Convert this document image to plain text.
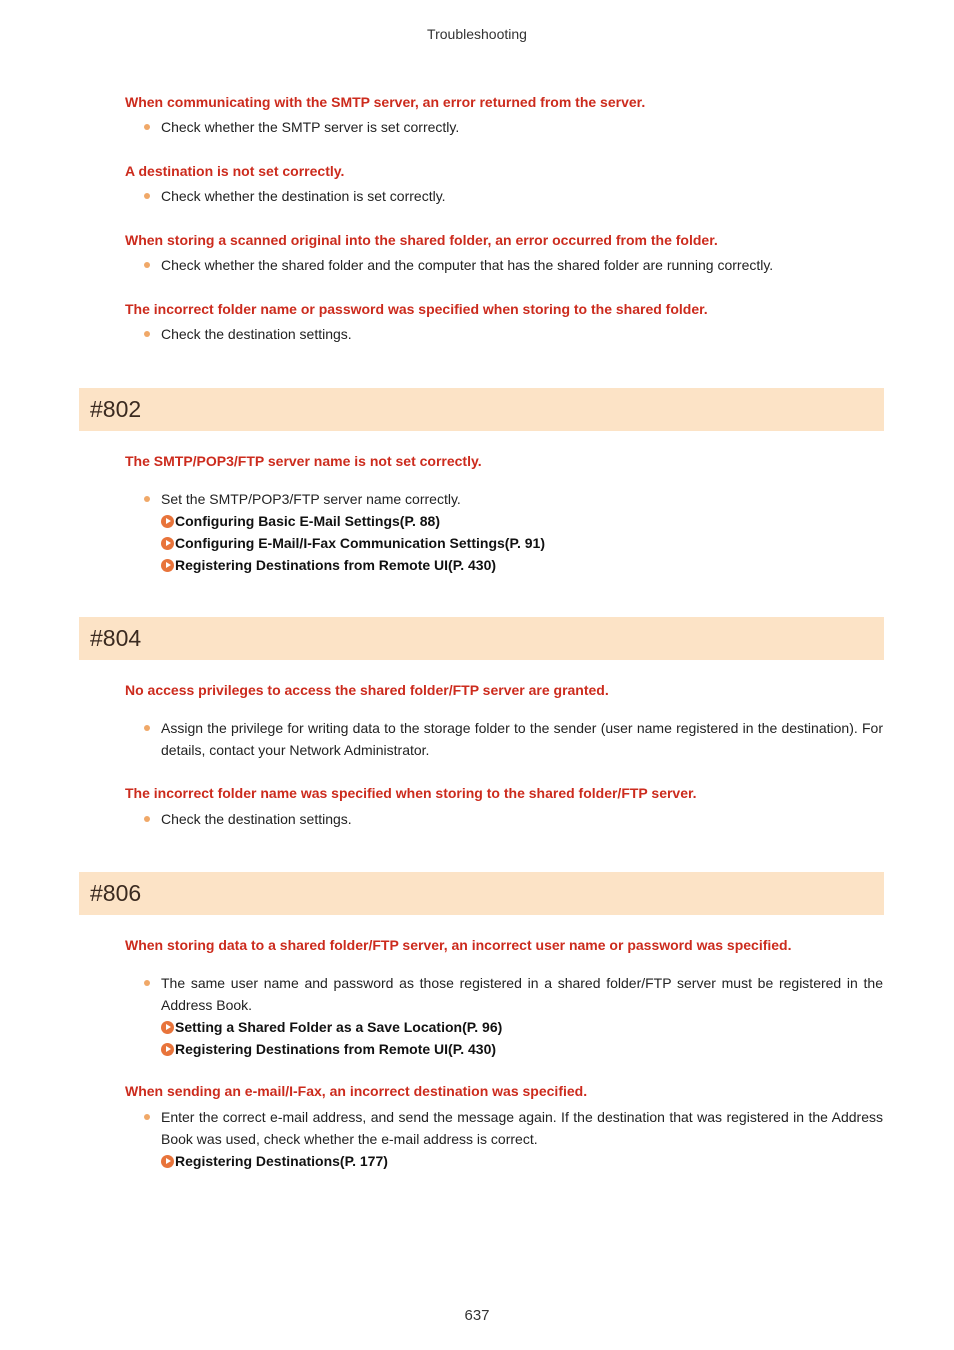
Troubleshooting
When communicating with the SMTP server, an error returned from the server.
Check whether the SMTP server is set correctly.
A destination is not set correctly.
Check whether the destination is set correctly.
When storing a scanned original into the shared folder, an error occurred from the folder.
Check whether the shared folder and the computer that has the shared folder are running correctly.
The incorrect folder name or password was specified when storing to the shared folder.
Check the destination settings.
#802
The SMTP/POP3/FTP server name is not set correctly.
Set the SMTP/POP3/FTP server name correctly.
Configuring Basic E-Mail Settings(P. 88)
Configuring E-Mail/I-Fax Communication Settings(P. 91)
Registering Destinations from Remote UI(P. 430)
#804
No access privileges to access the shared folder/FTP server are granted.
Assign the privilege for writing data to the storage folder to the sender (user name registered in the destination). For details, contact your Network Administrator.
The incorrect folder name was specified when storing to the shared folder/FTP server.
Check the destination settings.
#806
When storing data to a shared folder/FTP server, an incorrect user name or password was specified.
The same user name and password as those registered in a shared folder/FTP server must be registered in the Address Book.
Setting a Shared Folder as a Save Location(P. 96)
Registering Destinations from Remote UI(P. 430)
When sending an e-mail/I-Fax, an incorrect destination was specified.
Enter the correct e-mail address, and send the message again. If the destination that was registered in the Address Book was used, check whether the e-mail address is correct.
Registering Destinations(P. 177)
637
